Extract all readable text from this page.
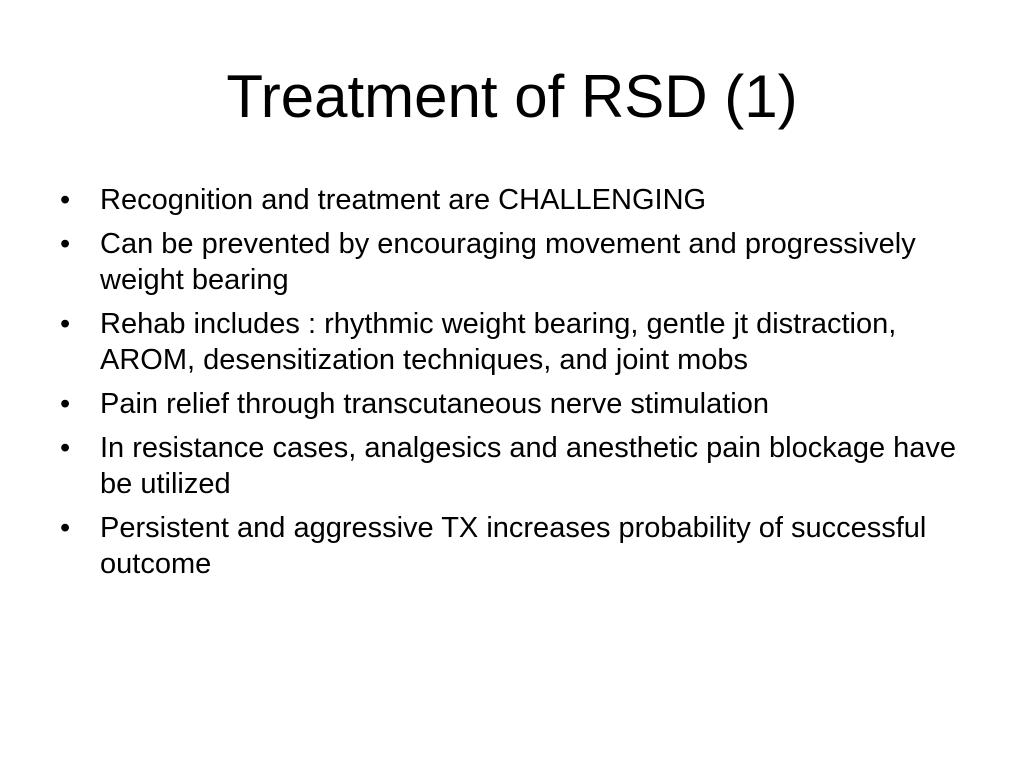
Treatment of RSD (1)
•	Recognition and treatment are CHALLENGING
•	Can be prevented by encouraging movement and progressively weight bearing
•	Rehab includes : rhythmic weight bearing, gentle jt distraction, AROM, desensitization techniques, and joint mobs
•	Pain relief through transcutaneous nerve stimulation
•	In resistance cases, analgesics and anesthetic pain blockage have be utilized
•	Persistent and aggressive TX increases probability of successful outcome
